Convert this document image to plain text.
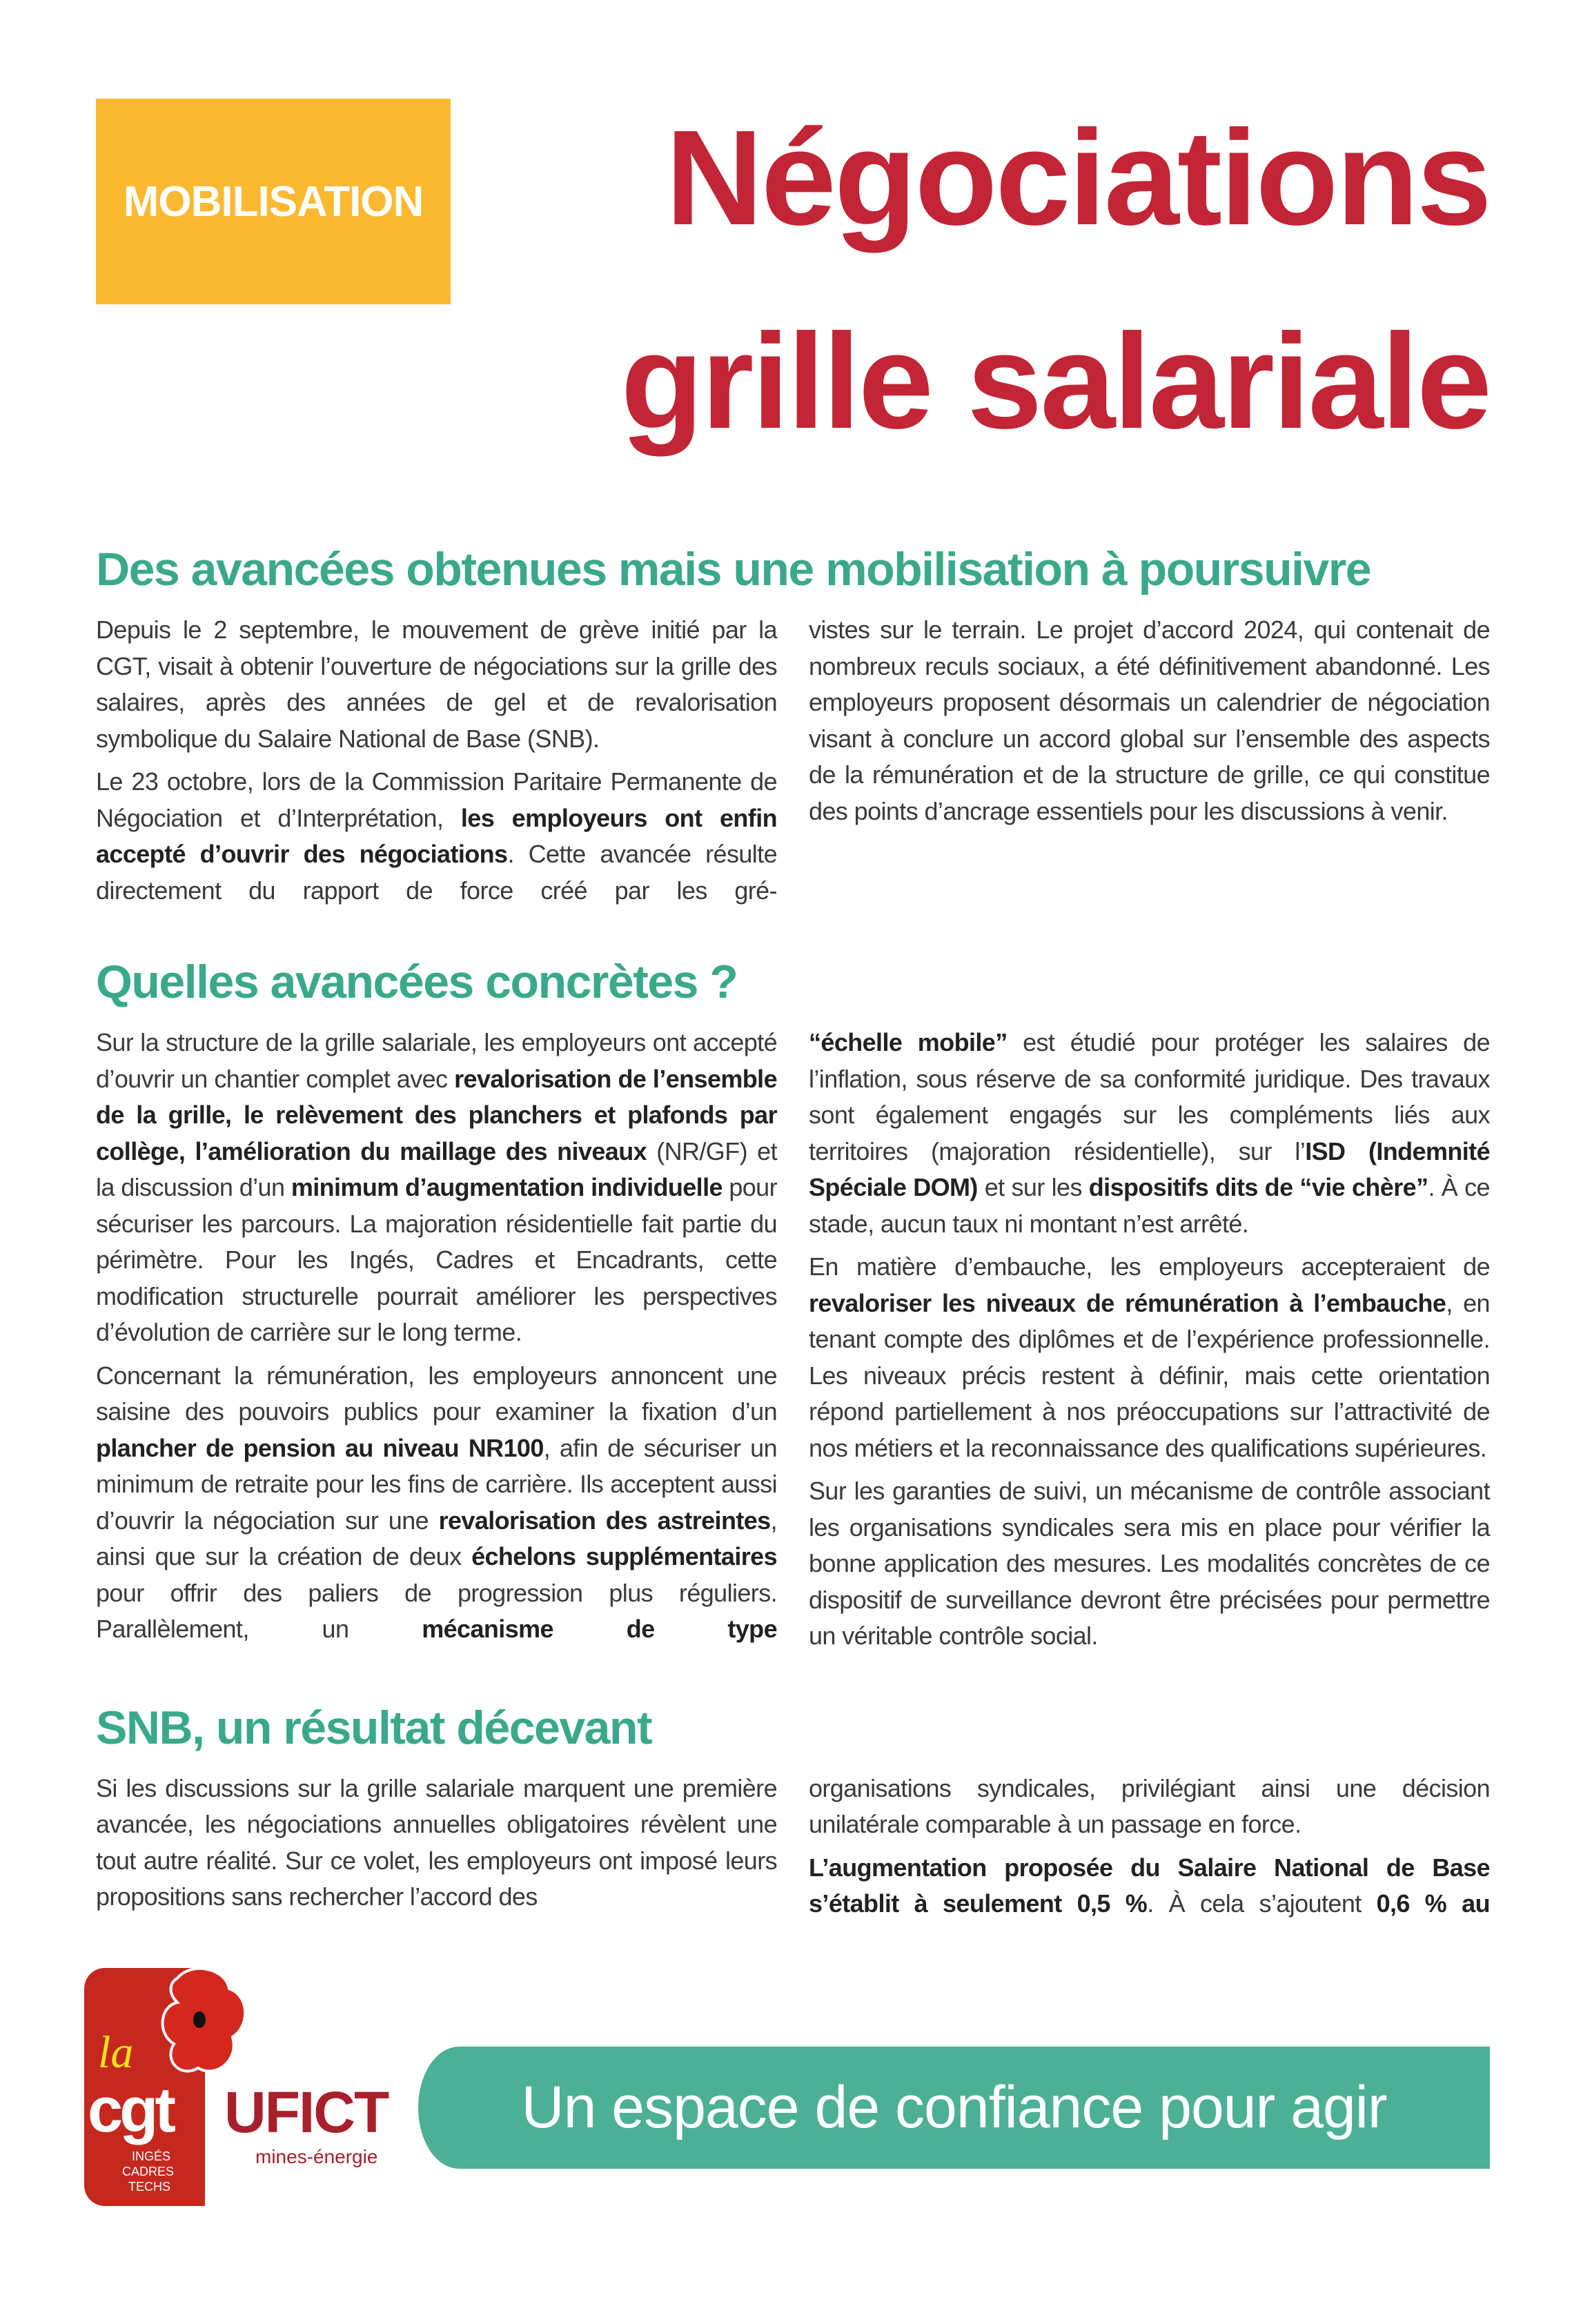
MOBILISATION Négociations
grille salariale
Des avancées obtenues mais une mobilisation à poursuivre

Depuis le 2 septembre, le mouvement de grève initié par la CGT, visait à obtenir l’ouverture de négociations sur la grille des salaires, après des années de gel et de revalorisation symbolique du Salaire National de Base (SNB).

Le 23 octobre, lors de la Commission Paritaire Permanente de Négociation et d’Interprétation, les employeurs ont enfin accepté d’ouvrir des négociations. Cette avancée résulte directement du rapport de force créé par les gré-

vistes sur le terrain. Le projet d’accord 2024, qui contenait de nombreux reculs sociaux, a été définitivement abandonné. Les employeurs proposent désormais un calendrier de négociation visant à conclure un accord global sur l’ensemble des aspects de la rémunération et de la structure de grille, ce qui constitue des points d’ancrage essentiels pour les discussions à venir.

Quelles avancées concrètes ?

Sur la structure de la grille salariale, les employeurs ont accepté d’ouvrir un chantier complet avec revalorisation de l’ensemble de la grille, le relèvement des planchers et plafonds par collège, l’amélioration du maillage des niveaux (NR/GF) et la discussion d’un minimum d’augmentation individuelle pour sécuriser les parcours. La majoration résidentielle fait partie du périmètre. Pour les Ingés, Cadres et Encadrants, cette modification structurelle pourrait améliorer les perspectives d’évolution de carrière sur le long terme.

Concernant la rémunération, les employeurs annoncent une saisine des pouvoirs publics pour examiner la fixation d’un plancher de pension au niveau NR100, afin de sécuriser un minimum de retraite pour les fins de carrière. Ils acceptent aussi d’ouvrir la négociation sur une revalorisation des astreintes, ainsi que sur la création de deux échelons supplémentaires pour offrir des paliers de progression plus réguliers. Parallèlement, un mécanisme de type

“échelle mobile” est étudié pour protéger les salaires de l’inflation, sous réserve de sa conformité juridique. Des travaux sont également engagés sur les compléments liés aux territoires (majoration résidentielle), sur l’ISD (Indemnité Spéciale DOM) et sur les dispositifs dits de “vie chère”. À ce stade, aucun taux ni montant n’est arrêté.

En matière d’embauche, les employeurs accepteraient de revaloriser les niveaux de rémunération à l’embauche, en tenant compte des diplômes et de l’expérience professionnelle. Les niveaux précis restent à définir, mais cette orientation répond partiellement à nos préoccupations sur l’attractivité de nos métiers et la reconnaissance des qualifications supérieures.

Sur les garanties de suivi, un mécanisme de contrôle associant les organisations syndicales sera mis en place pour vérifier la bonne application des mesures. Les modalités concrètes de ce dispositif de surveillance devront être précisées pour permettre un véritable contrôle social.

SNB, un résultat décevant

Si les discussions sur la grille salariale marquent une première avancée, les négociations annuelles obligatoires révèlent une tout autre réalité. Sur ce volet, les employeurs ont imposé leurs propositions sans rechercher l’accord des

organisations syndicales, privilégiant ainsi une décision unilatérale comparable à un passage en force.

L’augmentation proposée du Salaire National de Base s’établit à seulement 0,5 %. À cela s’ajoutent 0,6 % au

la
cgt
INGÉS
CADRES
TECHS
UFICT
mines-énergie
Un espace de confiance pour agir
